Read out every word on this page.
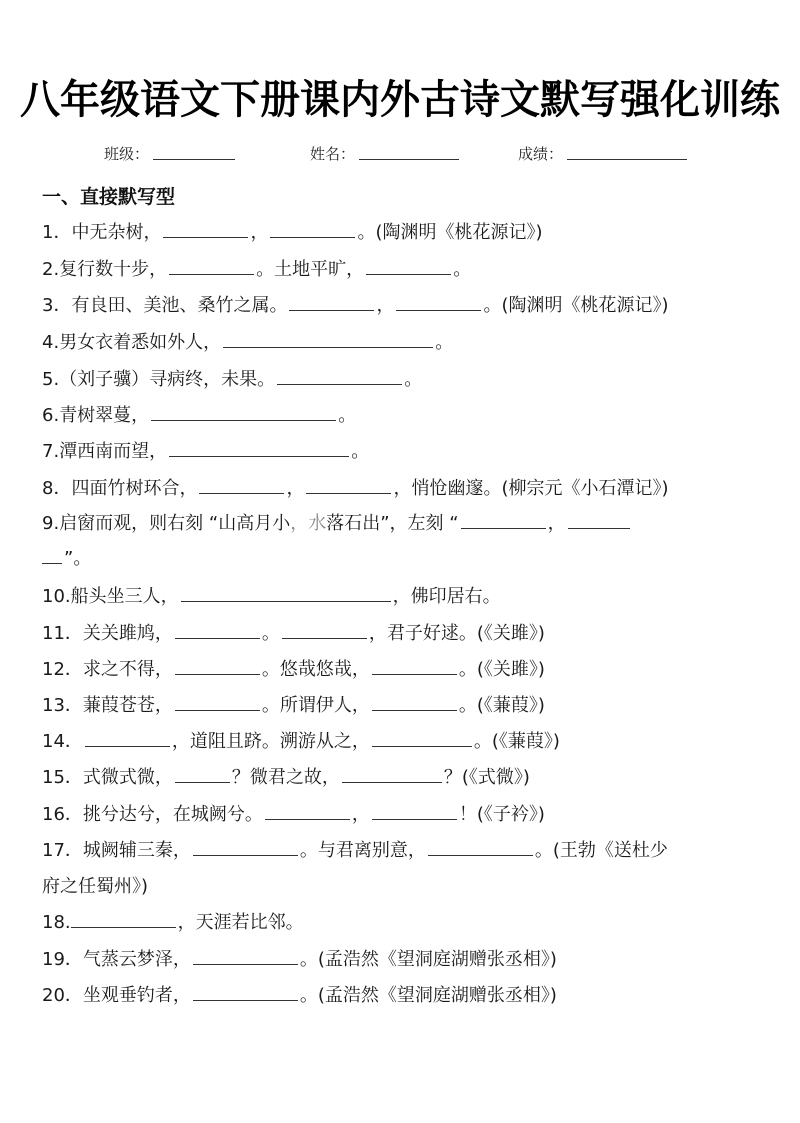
八年级语文下册课内外古诗文默写强化训练
班级：	姓名：	成绩：
一、直接默写型
1．中无杂树，	，	。(陶渊明《桃花源记》)
2.复行数十步，	。土地平旷，	。
3．有良田、美池、桑竹之属。	，	。(陶渊明《桃花源记》)
4.男女衣着悉如外人，	。
5.（刘子骥）寻病终，未果。	。
6.青树翠蔓，	。
7.潭西南而望，	。
8．四面竹树环合，	，	，悄怆幽邃。(柳宗元《小石潭记》)
9.启窗而观，则右刻 “山高月小，水落石出”，左刻 “	，
”。
10.船头坐三人，	，佛印居右。
11．关关雎鸠，	。	，君子好逑。(《关雎》)
12．求之不得，	。悠哉悠哉，	。(《关雎》)
13．蒹葭苍苍，	。所谓伊人，	。(《蒹葭》)
14．	，道阻且跻。溯游从之，	。(《蒹葭》)
15．式微式微，	？微君之故，	？(《式微》)
16．挑兮达兮，在城阙兮。	，	！(《子衿》)
17．城阙辅三秦，	。与君离别意，	。(王勃《送杜少
府之任蜀州》)
18.	，天涯若比邻。
19．气蒸云梦泽，	。(孟浩然《望洞庭湖赠张丞相》)
20．坐观垂钓者，	。(孟浩然《望洞庭湖赠张丞相》)
